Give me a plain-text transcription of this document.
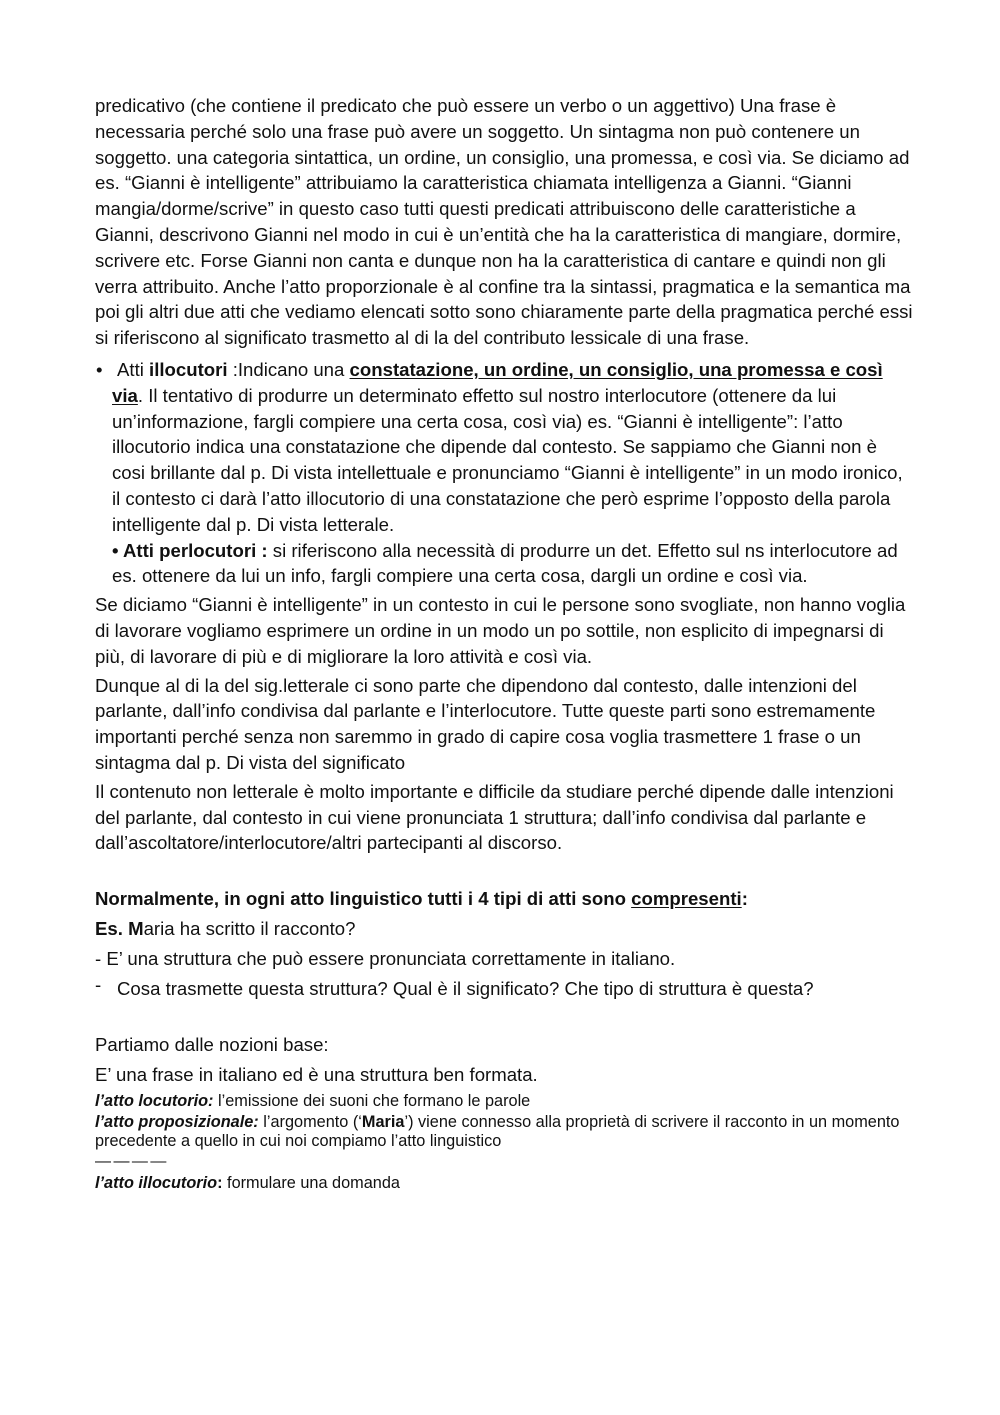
predicativo (che contiene il predicato che può essere un verbo o un aggettivo) Una frase è necessaria perché solo una frase può avere un soggetto. Un sintagma non può contenere un soggetto. una categoria sintattica, un ordine, un consiglio, una promessa, e così via. Se diciamo ad es. “Gianni è intelligente” attribuiamo la caratteristica chiamata intelligenza a Gianni. “Gianni mangia/dorme/scrive” in questo caso tutti questi predicati attribuiscono delle caratteristiche a Gianni, descrivono Gianni nel modo in cui è un’entità che ha la caratteristica di mangiare, dormire, scrivere etc. Forse Gianni non canta e dunque non ha la caratteristica di cantare e quindi non gli verra attribuito. Anche l’atto proporzionale è al confine tra la sintassi, pragmatica e la semantica ma poi gli altri due atti che vediamo elencati sotto sono chiaramente parte della pragmatica perché essi si riferiscono al significato trasmetto al di la del contributo lessicale di una frase.

• Atti illocutori :Indicano una constatazione, un ordine, un consiglio, una promessa e così via. Il tentativo di produrre un determinato effetto sul nostro interlocutore (ottenere da lui un’informazione, fargli compiere una certa cosa, così via) es. “Gianni è intelligente”: l’atto illocutorio indica una constatazione che dipende dal contesto. Se sappiamo che Gianni non è cosi brillante dal p. Di vista intellettuale e pronunciamo “Gianni è intelligente” in un modo ironico, il contesto ci darà l’atto illocutorio di una constatazione che però esprime l’opposto della parola intelligente dal p. Di vista letterale.

• Atti perlocutori : si riferiscono alla necessità di produrre un det. Effetto sul ns interlocutore ad es. ottenere da lui un info, fargli compiere una certa cosa, dargli un ordine e così via.

Se diciamo “Gianni è intelligente” in un contesto in cui le persone sono svogliate, non hanno voglia di lavorare vogliamo esprimere un ordine in un modo un po sottile, non esplicito di impegnarsi di più, di lavorare di più e di migliorare la loro attività e così via.

Dunque al di la del sig.letterale ci sono parte che dipendono dal contesto, dalle intenzioni del parlante, dall’info condivisa dal parlante e l’interlocutore. Tutte queste parti sono estremamente importanti perché senza non saremmo in grado di capire cosa voglia trasmettere 1 frase o un sintagma dal p. Di vista del significato

Il contenuto non letterale è molto importante e difficile da studiare perché dipende dalle intenzioni del parlante, dal contesto in cui viene pronunciata 1 struttura; dall’info condivisa dal parlante e dall’ascoltatore/interlocutore/altri partecipanti al discorso.

Normalmente, in ogni atto linguistico tutti i 4 tipi di atti sono compresenti:

Es. Maria ha scritto il racconto?

- E’ una struttura che può essere pronunciata correttamente in italiano.

- Cosa trasmette questa struttura? Qual è il significato? Che tipo di struttura è questa?

Partiamo dalle nozioni base:

E’ una frase in italiano ed è una struttura ben formata.

l’atto locutorio: l’emissione dei suoni che formano le parole

l’atto proposizionale: l’argomento (‘Maria’) viene connesso alla proprietà di scrivere il racconto in un momento precedente a quello in cui noi compiamo l’atto linguistico

— — — —

l’atto illocutorio: formulare una domanda
